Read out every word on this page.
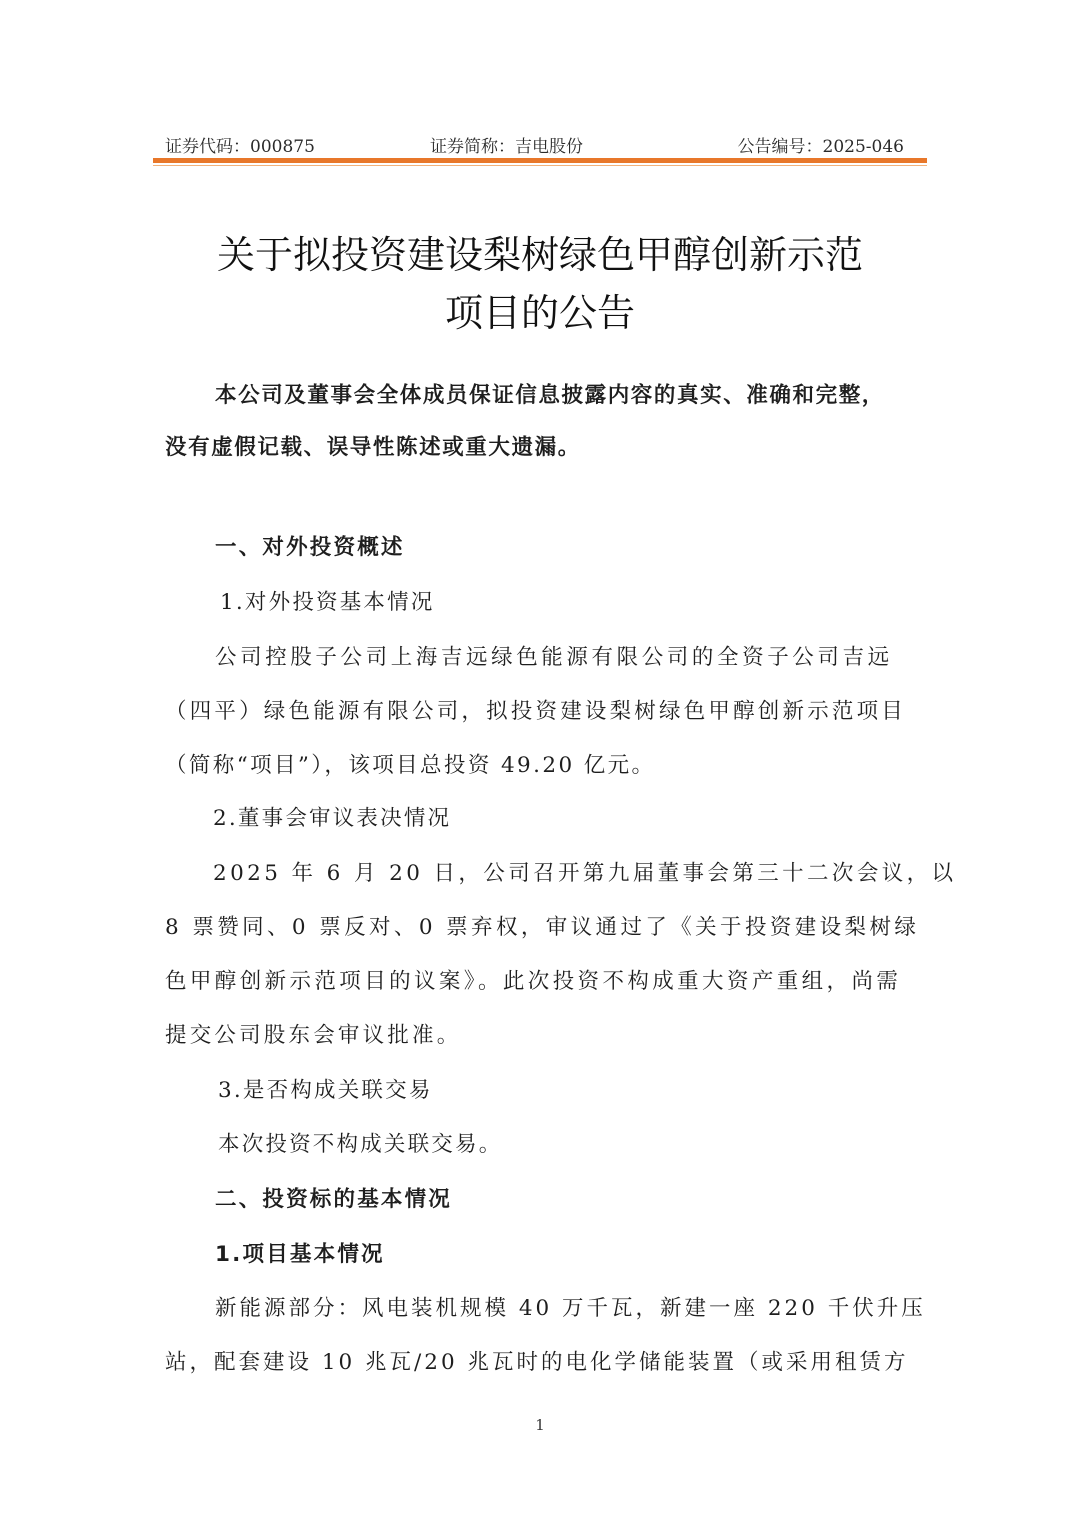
证券代码：000875	证券简称：吉电股份	公告编号：2025-046
关于拟投资建设梨树绿色甲醇创新示范
项目的公告
本公司及董事会全体成员保证信息披露内容的真实、准确和完整，
没有虚假记载、误导性陈述或重大遗漏。
一、对外投资概述
1.对外投资基本情况
公司控股子公司上海吉远绿色能源有限公司的全资子公司吉远
（四平）绿色能源有限公司，拟投资建设梨树绿色甲醇创新示范项目
（简称“项目”），该项目总投资 49.20 亿元。
2.董事会审议表决情况
2025 年 6 月 20 日，公司召开第九届董事会第三十二次会议，以
8 票赞同、0 票反对、0 票弃权，审议通过了《关于投资建设梨树绿
色甲醇创新示范项目的议案》。此次投资不构成重大资产重组，尚需
提交公司股东会审议批准。
3.是否构成关联交易
本次投资不构成关联交易。
二、投资标的基本情况
1.项目基本情况
新能源部分：风电装机规模 40 万千瓦，新建一座 220 千伏升压
站，配套建设 10 兆瓦/20 兆瓦时的电化学储能装置（或采用租赁方
1
